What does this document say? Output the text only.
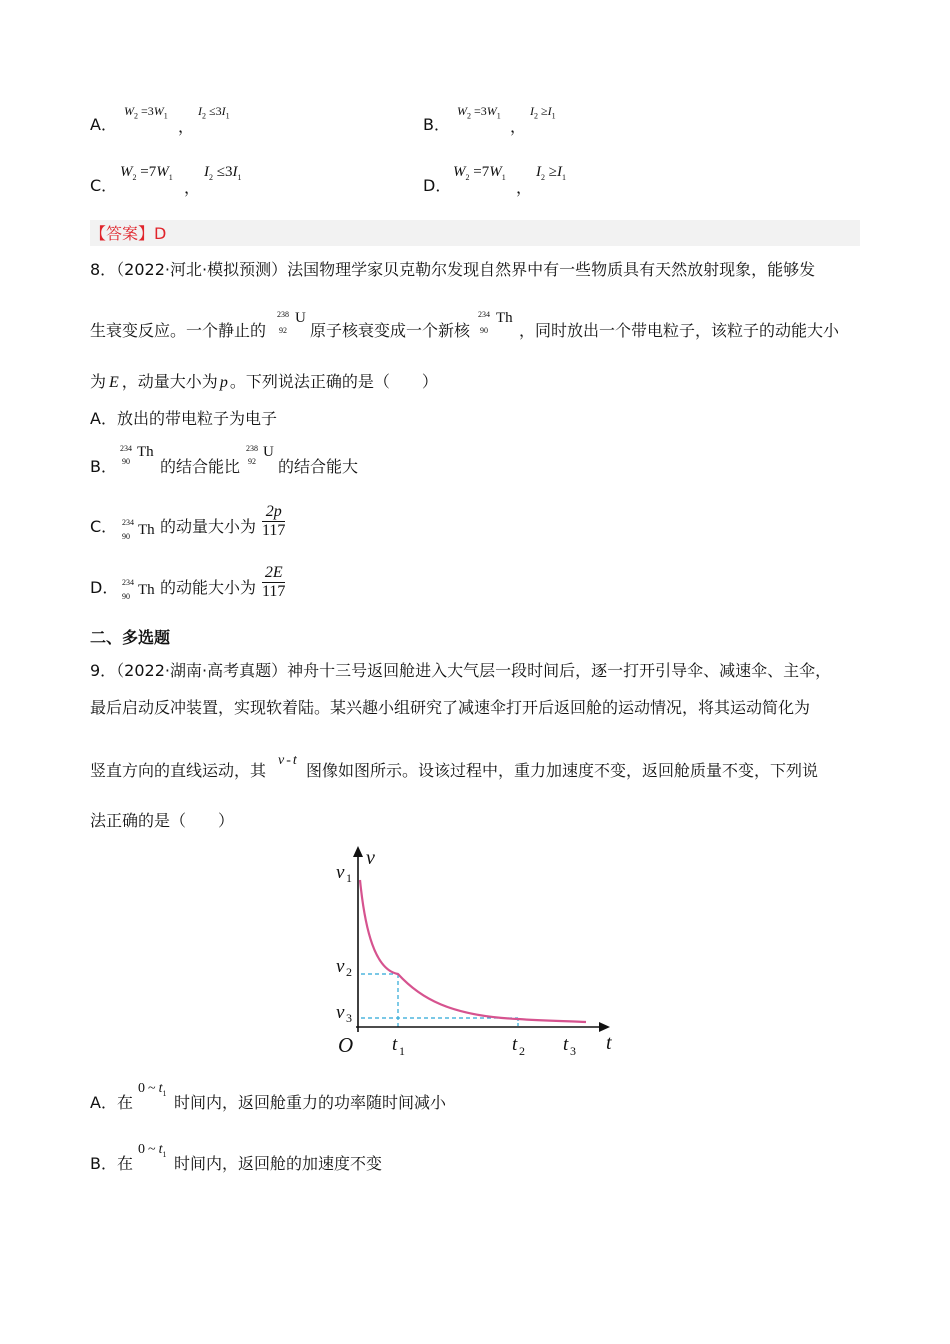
A．
$W_2 =3W_1$
，
$I_2 \le 3I_1$	B．
$W_2 =3W_1$
，
$I_2 \ge I_1$
C．
$W_2 =7W_1$
，
$I_2 \le 3I_1$	D．
$W_2 =7W_1$
，
$I_2 \ge I_1$
【答案】D
8．（2022·河北·模拟预测）法国物理学家贝克勒尔发现自然界中有一些物质具有天然放射现象，能够发
生衰变反应。一个静止的
238
92
U
原子核衰变成一个新核
234
90
Th
，同时放出一个带电粒子，该粒子的动能大小
为 E ，动量大小为 p 。下列说法正确的是（　　）
A．放出的带电粒子为电子
B．
234
90
Th
的结合能比
238
92
U
的结合能大
C． 234
90 Th 的动量大小为 $\frac{2p}{117}$
D． 234
90 Th 的动能大小为 $\frac{2E}{117}$
二、多选题
9．（2022·湖南·高考真题）神舟十三号返回舱进入大气层一段时间后，逐一打开引导伞、减速伞、主伞，
最后启动反冲装置，实现软着陆。某兴趣小组研究了减速伞打开后返回舱的运动情况，将其运动简化为
竖直方向的直线运动，其
v - t
图像如图所示。设该过程中，重力加速度不变，返回舱质量不变，下列说
法正确的是（　　）
v
t
O
v 1
v 2
v 3
t 1	t 2 t 3
A．在
0 ~ $t_1$ 时间内，返回舱重力的功率随时间减小
B．在
0 ~ $t_1$ 时间内，返回舱的加速度不变
